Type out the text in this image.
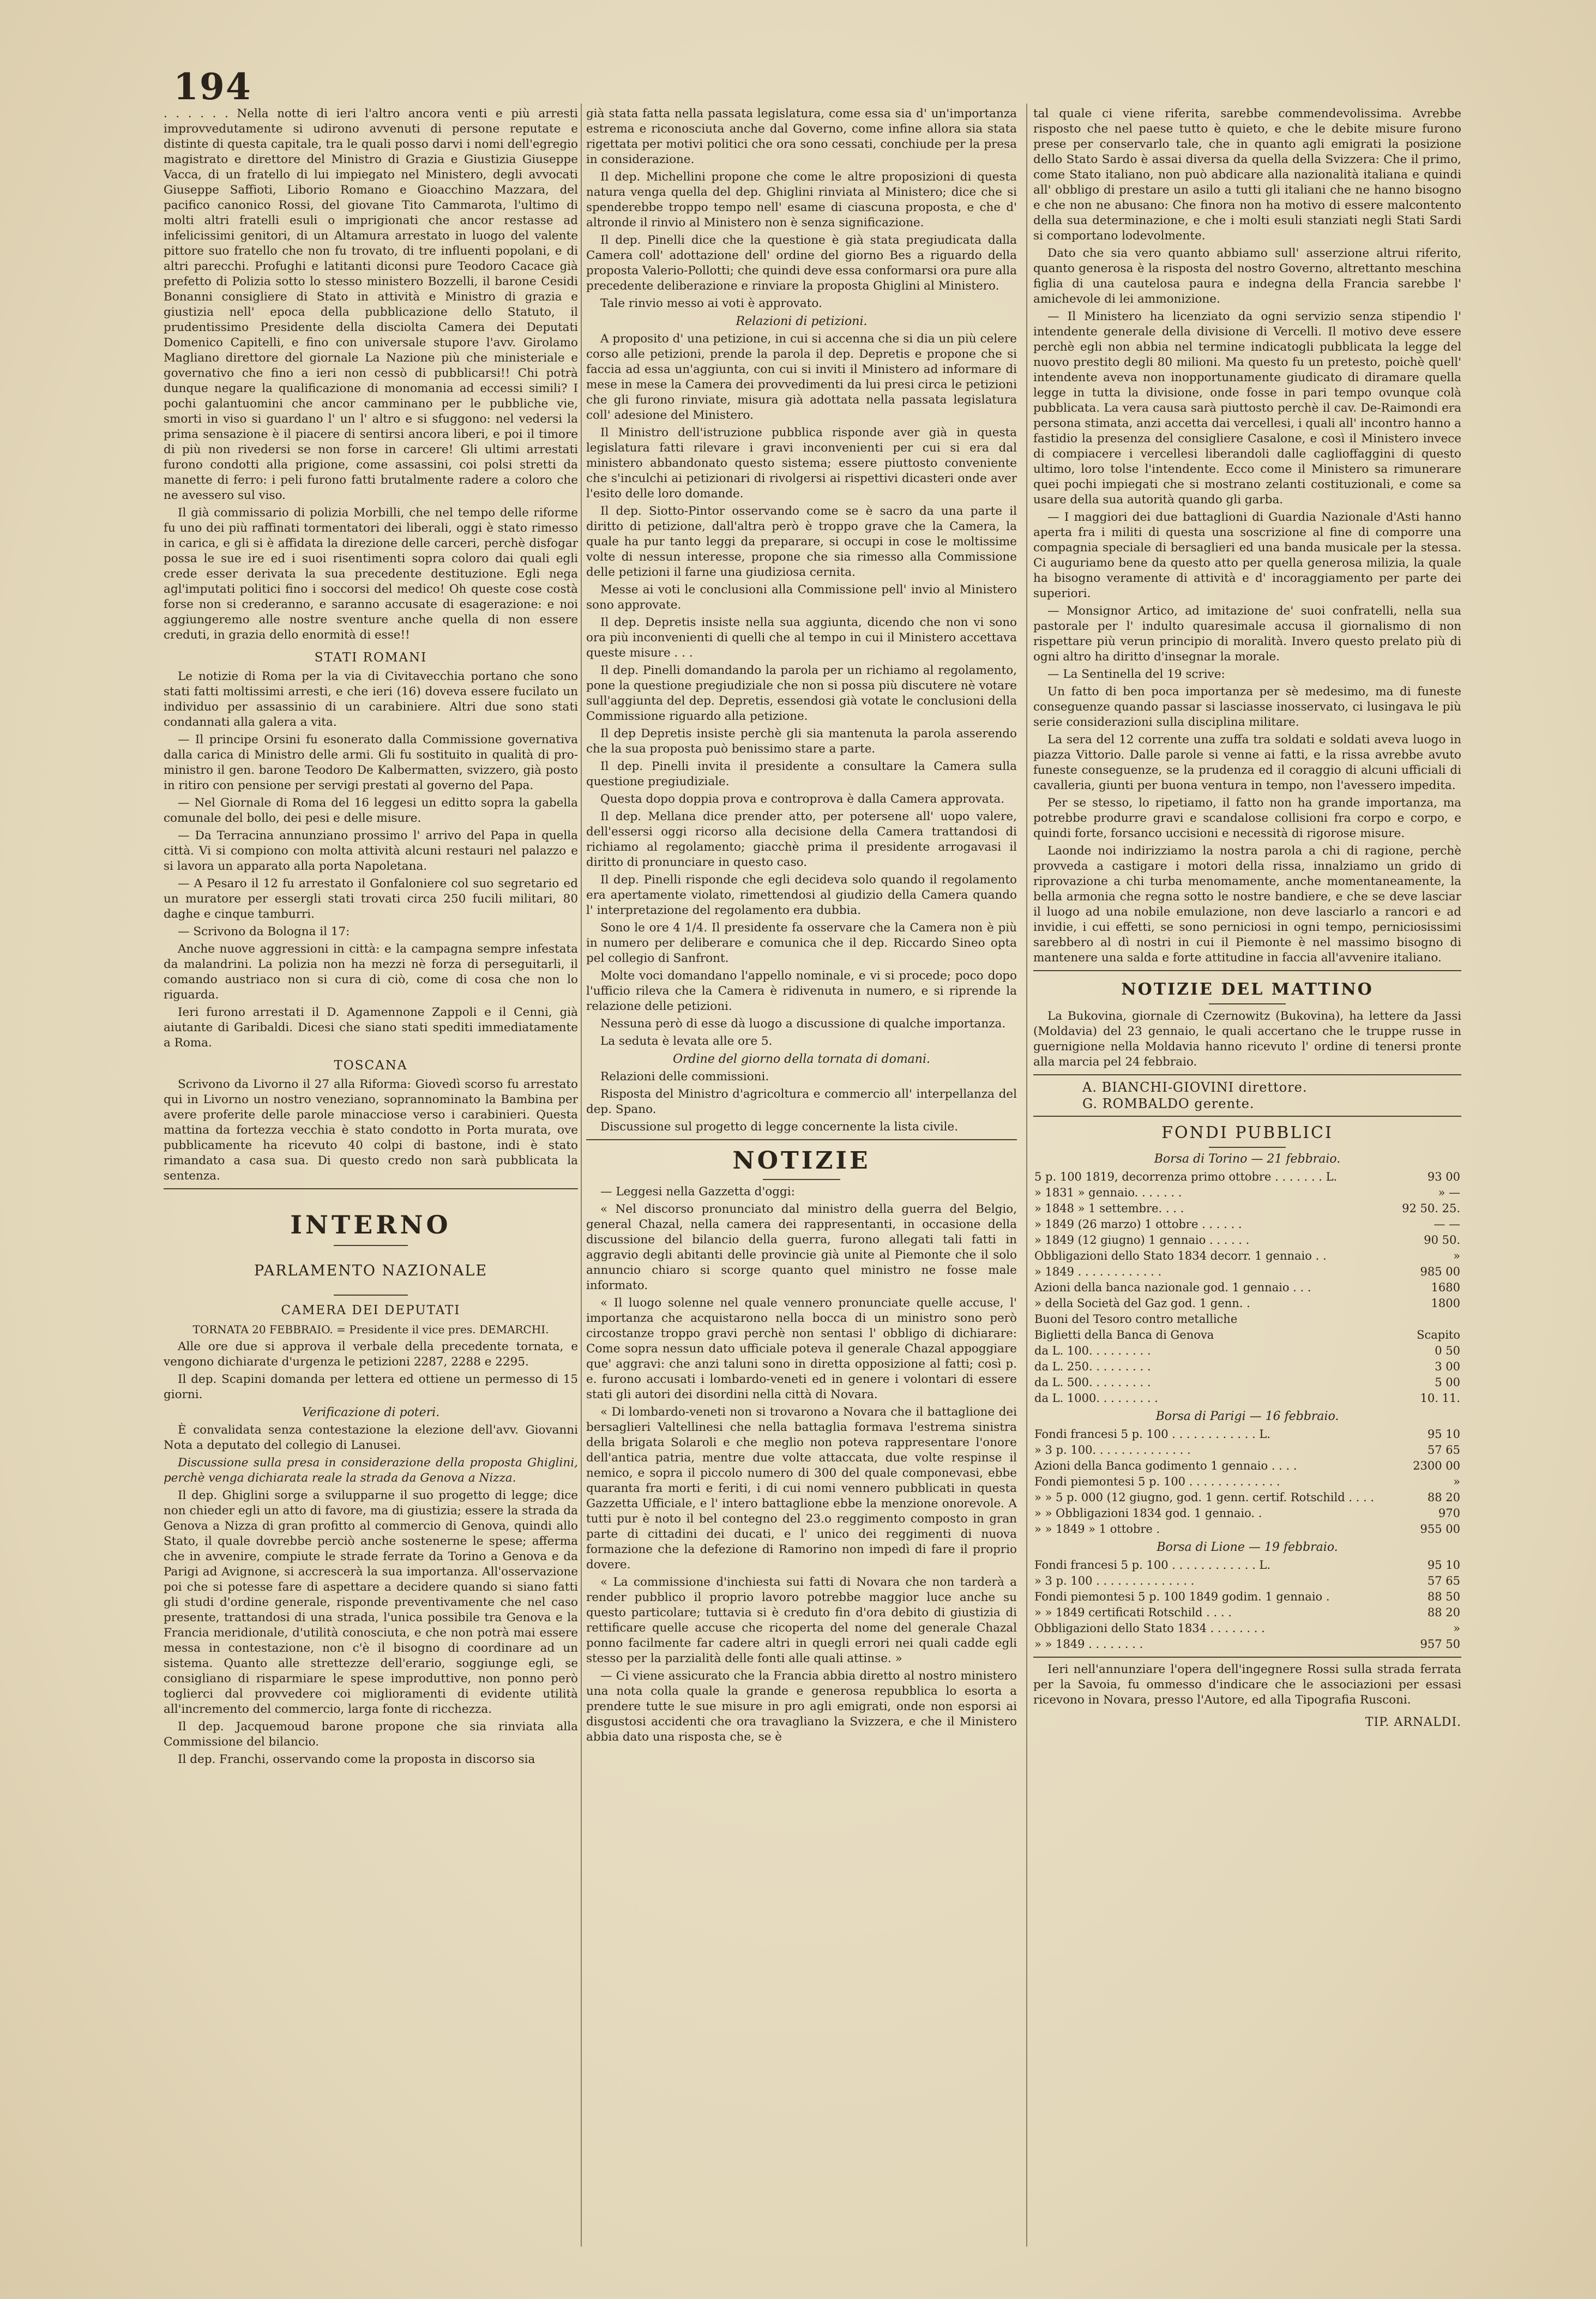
194

. . . . . . Nella notte di ieri l'altro ancora venti e più arresti improvvedutamente si udirono avvenuti di persone reputate e distinte di questa capitale, tra le quali posso darvi i nomi dell'egregio magistrato e direttore del Ministro di Grazia e Giustizia Giuseppe Vacca, di un fratello di lui impiegato nel Ministero, degli avvocati Giuseppe Saffioti, Liborio Romano e Gioacchino Mazzara, del pacifico canonico Rossi, del giovane Tito Cammarota, l'ultimo di molti altri fratelli esuli o imprigionati che ancor restasse ad infelicissimi genitori, di un Altamura arrestato in luogo del valente pittore suo fratello che non fu trovato, di tre influenti popolani, e di altri parecchi. Profughi e latitanti diconsi pure Teodoro Cacace già prefetto di Polizia sotto lo stesso ministero Bozzelli, il barone Cesidi Bonanni consigliere di Stato in attività e Ministro di grazia e giustizia nell' epoca della pubblicazione dello Statuto, il prudentissimo Presidente della disciolta Camera dei Deputati Domenico Capitelli, e fino con universale stupore l'avv. Girolamo Magliano direttore del giornale La Nazione più che ministeriale e governativo che fino a ieri non cessò di pubblicarsi!! Chi potrà dunque negare la qualificazione di monomania ad eccessi simili? I pochi galantuomini che ancor camminano per le pubbliche vie, smorti in viso si guardano l' un l' altro e si sfuggono: nel vedersi la prima sensazione è il piacere di sentirsi ancora liberi, e poi il timore di più non rivedersi se non forse in carcere! Gli ultimi arrestati furono condotti alla prigione, come assassini, coi polsi stretti da manette di ferro: i peli furono fatti brutalmente radere a coloro che ne avessero sul viso.

Il già commissario di polizia Morbilli, che nel tempo delle riforme fu uno dei più raffinati tormentatori dei liberali, oggi è stato rimesso in carica, e gli si è affidata la direzione delle carceri, perchè disfogar possa le sue ire ed i suoi risentimenti sopra coloro dai quali egli crede esser derivata la sua precedente destituzione. Egli nega agl'imputati politici fino i soccorsi del medico! Oh queste cose costà forse non si crederanno, e saranno accusate di esagerazione: e noi aggiungeremo alle nostre sventure anche quella di non essere creduti, in grazia dello enormità di esse!!

STATI ROMANI

Le notizie di Roma per la via di Civitavecchia portano che sono stati fatti moltissimi arresti, e che ieri (16) doveva essere fucilato un individuo per assassinio di un carabiniere. Altri due sono stati condannati alla galera a vita.

— Il principe Orsini fu esonerato dalla Commissione governativa dalla carica di Ministro delle armi. Gli fu sostituito in qualità di pro-ministro il gen. barone Teodoro De Kalbermatten, svizzero, già posto in ritiro con pensione per servigi prestati al governo del Papa.

— Nel Giornale di Roma del 16 leggesi un editto sopra la gabella comunale del bollo, dei pesi e delle misure.

— Da Terracina annunziano prossimo l' arrivo del Papa in quella città. Vi si compiono con molta attività alcuni restauri nel palazzo e si lavora un apparato alla porta Napoletana.

— A Pesaro il 12 fu arrestato il Gonfaloniere col suo segretario ed un muratore per essergli stati trovati circa 250 fucili militari, 80 daghe e cinque tamburri.

— Scrivono da Bologna il 17:

Anche nuove aggressioni in città: e la campagna sempre infestata da malandrini. La polizia non ha mezzi nè forza di perseguitarli, il comando austriaco non si cura di ciò, come di cosa che non lo riguarda.

Ieri furono arrestati il D. Agamennone Zappoli e il Cenni, già aiutante di Garibaldi. Dicesi che siano stati spediti immediatamente a Roma.

TOSCANA

Scrivono da Livorno il 27 alla Riforma: Giovedì scorso fu arrestato qui in Livorno un nostro veneziano, soprannominato la Bambina per avere proferite delle parole minacciose verso i carabinieri. Questa mattina da fortezza vecchia è stato condotto in Porta murata, ove pubblicamente ha ricevuto 40 colpi di bastone, indi è stato rimandato a casa sua. Di questo credo non sarà pubblicata la sentenza.

INTERNO
PARLAMENTO NAZIONALE
CAMERA DEI DEPUTATI

TORNATA 20 FEBBRAIO. = Presidente il vice pres. DEMARCHI.

Alle ore due si approva il verbale della precedente tornata, e vengono dichiarate d'urgenza le petizioni 2287, 2288 e 2295.

Il dep. Scapini domanda per lettera ed ottiene un permesso di 15 giorni.

Verificazione di poteri.

È convalidata senza contestazione la elezione dell'avv. Giovanni Nota a deputato del collegio di Lanusei.

Discussione sulla presa in considerazione della proposta Ghiglini, perchè venga dichiarata reale la strada da Genova a Nizza.

Il dep. Ghiglini sorge a svilupparne il suo progetto di legge; dice non chieder egli un atto di favore, ma di giustizia; essere la strada da Genova a Nizza di gran profitto al commercio di Genova, quindi allo Stato, il quale dovrebbe perciò anche sostenerne le spese; afferma che in avvenire, compiute le strade ferrate da Torino a Genova e da Parigi ad Avignone, si accrescerà la sua importanza. All'osservazione poi che si potesse fare di aspettare a decidere quando si siano fatti gli studi d'ordine generale, risponde preventivamente che nel caso presente, trattandosi di una strada, l'unica possibile tra Genova e la Francia meridionale, d'utilità conosciuta, e che non potrà mai essere messa in contestazione, non c'è il bisogno di coordinare ad un sistema. Quanto alle strettezze dell'erario, soggiunge egli, se consigliano di risparmiare le spese improduttive, non ponno però toglierci dal provvedere coi miglioramenti di evidente utilità all'incremento del commercio, larga fonte di ricchezza.

Il dep. Jacquemoud barone propone che sia rinviata alla Commissione del bilancio.

Il dep. Franchi, osservando come la proposta in discorso sia

già stata fatta nella passata legislatura, come essa sia d' un'importanza estrema e riconosciuta anche dal Governo, come infine allora sia stata rigettata per motivi politici che ora sono cessati, conchiude per la presa in considerazione.

Il dep. Michellini propone che come le altre proposizioni di questa natura venga quella del dep. Ghiglini rinviata al Ministero; dice che si spenderebbe troppo tempo nell' esame di ciascuna proposta, e che d' altronde il rinvio al Ministero non è senza significazione.

Il dep. Pinelli dice che la questione è già stata pregiudicata dalla Camera coll' adottazione dell' ordine del giorno Bes a riguardo della proposta Valerio-Pollotti; che quindi deve essa conformarsi ora pure alla precedente deliberazione e rinviare la proposta Ghiglini al Ministero.

Tale rinvio messo ai voti è approvato.

Relazioni di petizioni.

A proposito d' una petizione, in cui si accenna che si dia un più celere corso alle petizioni, prende la parola il dep. Depretis e propone che si faccia ad essa un'aggiunta, con cui si inviti il Ministero ad informare di mese in mese la Camera dei provvedimenti da lui presi circa le petizioni che gli furono rinviate, misura già adottata nella passata legislatura coll' adesione del Ministero.

Il Ministro dell'istruzione pubblica risponde aver già in questa legislatura fatti rilevare i gravi inconvenienti per cui si era dal ministero abbandonato questo sistema; essere piuttosto conveniente che s'inculchi ai petizionari di rivolgersi ai rispettivi dicasteri onde aver l'esito delle loro domande.

Il dep. Siotto-Pintor osservando come se è sacro da una parte il diritto di petizione, dall'altra però è troppo grave che la Camera, la quale ha pur tanto leggi da preparare, si occupi in cose le moltissime volte di nessun interesse, propone che sia rimesso alla Commissione delle petizioni il farne una giudiziosa cernita.

Messe ai voti le conclusioni alla Commissione pell' invio al Ministero sono approvate.

Il dep. Depretis insiste nella sua aggiunta, dicendo che non vi sono ora più inconvenienti di quelli che al tempo in cui il Ministero accettava queste misure . . .

Il dep. Pinelli domandando la parola per un richiamo al regolamento, pone la questione pregiudiziale che non si possa più discutere nè votare sull'aggiunta del dep. Depretis, essendosi già votate le conclusioni della Commissione riguardo alla petizione.

Il dep Depretis insiste perchè gli sia mantenuta la parola asserendo che la sua proposta può benissimo stare a parte.

Il dep. Pinelli invita il presidente a consultare la Camera sulla questione pregiudiziale.

Questa dopo doppia prova e controprova è dalla Camera approvata.

Il dep. Mellana dice prender atto, per potersene all' uopo valere, dell'essersi oggi ricorso alla decisione della Camera trattandosi di richiamo al regolamento; giacchè prima il presidente arrogavasi il diritto di pronunciare in questo caso.

Il dep. Pinelli risponde che egli decideva solo quando il regolamento era apertamente violato, rimettendosi al giudizio della Camera quando l' interpretazione del regolamento era dubbia.

Sono le ore 4 1/4. Il presidente fa osservare che la Camera non è più in numero per deliberare e comunica che il dep. Riccardo Sineo opta pel collegio di Sanfront.

Molte voci domandano l'appello nominale, e vi si procede; poco dopo l'ufficio rileva che la Camera è ridivenuta in numero, e si riprende la relazione delle petizioni.

Nessuna però di esse dà luogo a discussione di qualche importanza.

La seduta è levata alle ore 5.

Ordine del giorno della tornata di domani.

Relazioni delle commissioni.

Risposta del Ministro d'agricoltura e commercio all' interpellanza del dep. Spano.

Discussione sul progetto di legge concernente la lista civile.

NOTIZIE

— Leggesi nella Gazzetta d'oggi:

« Nel discorso pronunciato dal ministro della guerra del Belgio, general Chazal, nella camera dei rappresentanti, in occasione della discussione del bilancio della guerra, furono allegati tali fatti in aggravio degli abitanti delle provincie già unite al Piemonte che il solo annuncio chiaro si scorge quanto quel ministro ne fosse male informato.

« Il luogo solenne nel quale vennero pronunciate quelle accuse, l' importanza che acquistarono nella bocca di un ministro sono però circostanze troppo gravi perchè non sentasi l' obbligo di dichiarare: Come sopra nessun dato ufficiale poteva il generale Chazal appoggiare que' aggravi: che anzi taluni sono in diretta opposizione al fatti; così p. e. furono accusati i lombardo-veneti ed in genere i volontari di essere stati gli autori dei disordini nella città di Novara.

« Di lombardo-veneti non si trovarono a Novara che il battaglione dei bersaglieri Valtellinesi che nella battaglia formava l'estrema sinistra della brigata Solaroli e che meglio non poteva rappresentare l'onore dell'antica patria, mentre due volte attaccata, due volte respinse il nemico, e sopra il piccolo numero di 300 del quale componevasi, ebbe quaranta fra morti e feriti, i di cui nomi vennero pubblicati in questa Gazzetta Ufficiale, e l' intero battaglione ebbe la menzione onorevole. A tutti pur è noto il bel contegno del 23.o reggimento composto in gran parte di cittadini dei ducati, e l' unico dei reggimenti di nuova formazione che la defezione di Ramorino non impedì di fare il proprio dovere.

« La commissione d'inchiesta sui fatti di Novara che non tarderà a render pubblico il proprio lavoro potrebbe maggior luce anche su questo particolare; tuttavia si è creduto fin d'ora debito di giustizia di rettificare quelle accuse che ricoperta del nome del generale Chazal ponno facilmente far cadere altri in quegli errori nei quali cadde egli stesso per la parzialità delle fonti alle quali attinse. »

— Ci viene assicurato che la Francia abbia diretto al nostro ministero una nota colla quale la grande e generosa repubblica lo esorta a prendere tutte le sue misure in pro agli emigrati, onde non esporsi ai disgustosi accidenti che ora travagliano la Svizzera, e che il Ministero abbia dato una risposta che, se è

tal quale ci viene riferita, sarebbe commendevolissima. Avrebbe risposto che nel paese tutto è quieto, e che le debite misure furono prese per conservarlo tale, che in quanto agli emigrati la posizione dello Stato Sardo è assai diversa da quella della Svizzera: Che il primo, come Stato italiano, non può abdicare alla nazionalità italiana e quindi all' obbligo di prestare un asilo a tutti gli italiani che ne hanno bisogno e che non ne abusano: Che finora non ha motivo di essere malcontento della sua determinazione, e che i molti esuli stanziati negli Stati Sardi si comportano lodevolmente.

Dato che sia vero quanto abbiamo sull' asserzione altrui riferito, quanto generosa è la risposta del nostro Governo, altrettanto meschina figlia di una cautelosa paura e indegna della Francia sarebbe l' amichevole di lei ammonizione.

— Il Ministero ha licenziato da ogni servizio senza stipendio l' intendente generale della divisione di Vercelli. Il motivo deve essere perchè egli non abbia nel termine indicatogli pubblicata la legge del nuovo prestito degli 80 milioni. Ma questo fu un pretesto, poichè quell' intendente aveva non inopportunamente giudicato di diramare quella legge in tutta la divisione, onde fosse in pari tempo ovunque colà pubblicata. La vera causa sarà piuttosto perchè il cav. De-Raimondi era persona stimata, anzi accetta dai vercellesi, i quali all' incontro hanno a fastidio la presenza del consigliere Casalone, e così il Ministero invece di compiacere i vercellesi liberandoli dalle caglioffaggini di questo ultimo, loro tolse l'intendente. Ecco come il Ministero sa rimunerare quei pochi impiegati che si mostrano zelanti costituzionali, e come sa usare della sua autorità quando gli garba.

— I maggiori dei due battaglioni di Guardia Nazionale d'Asti hanno aperta fra i militi di questa una soscrizione al fine di comporre una compagnia speciale di bersaglieri ed una banda musicale per la stessa. Ci auguriamo bene da questo atto per quella generosa milizia, la quale ha bisogno veramente di attività e d' incoraggiamento per parte dei superiori.

— Monsignor Artico, ad imitazione de' suoi confratelli, nella sua pastorale per l' indulto quaresimale accusa il giornalismo di non rispettare più verun principio di moralità. Invero questo prelato più di ogni altro ha diritto d'insegnar la morale.

— La Sentinella del 19 scrive:

Un fatto di ben poca importanza per sè medesimo, ma di funeste conseguenze quando passar si lasciasse inosservato, ci lusingava le più serie considerazioni sulla disciplina militare.

La sera del 12 corrente una zuffa tra soldati e soldati aveva luogo in piazza Vittorio. Dalle parole si venne ai fatti, e la rissa avrebbe avuto funeste conseguenze, se la prudenza ed il coraggio di alcuni ufficiali di cavalleria, giunti per buona ventura in tempo, non l'avessero impedita.

Per se stesso, lo ripetiamo, il fatto non ha grande importanza, ma potrebbe produrre gravi e scandalose collisioni fra corpo e corpo, e quindi forte, forsanco uccisioni e necessità di rigorose misure.

Laonde noi indirizziamo la nostra parola a chi di ragione, perchè provveda a castigare i motori della rissa, innalziamo un grido di riprovazione a chi turba menomamente, anche momentaneamente, la bella armonia che regna sotto le nostre bandiere, e che se deve lasciar il luogo ad una nobile emulazione, non deve lasciarlo a rancori e ad invidie, i cui effetti, se sono perniciosi in ogni tempo, perniciosissimi sarebbero al dì nostri in cui il Piemonte è nel massimo bisogno di mantenere una salda e forte attitudine in faccia all'avvenire italiano.

NOTIZIE DEL MATTINO

La Bukovina, giornale di Czernowitz (Bukovina), ha lettere da Jassi (Moldavia) del 23 gennaio, le quali accertano che le truppe russe in guernigione nella Moldavia hanno ricevuto l' ordine di tenersi pronte alla marcia pel 24 febbraio.

A. BIANCHI-GIOVINI direttore.
G. ROMBALDO gerente.
FONDI PUBBLICI
Borsa di Torino — 21 febbraio.
5 p. 100 1819, decorrenza primo ottobre . . . . . . . L.	93 00
» 1831 » gennaio. . . . . . .	» —
» 1848 » 1 settembre. . . .	92 50. 25.
» 1849 (26 marzo) 1 ottobre . . . . . .	— —
» 1849 (12 giugno) 1 gennaio . . . . . .	90 50.
Obbligazioni dello Stato 1834 decorr. 1 gennaio . .	»
» 1849 . . . . . . . . . . . .	985 00
Azioni della banca nazionale god. 1 gennaio . . .	1680
» della Società del Gaz god. 1 genn. .	1800
Buoni del Tesoro contro metalliche	
Biglietti della Banca di Genova	Scapito
da L. 100. . . . . . . . .	0 50
da L. 250. . . . . . . . .	3 00
da L. 500. . . . . . . . .	5 00
da L. 1000. . . . . . . . .	10. 11.
Borsa di Parigi — 16 febbraio.
Fondi francesi 5 p. 100 . . . . . . . . . . . . L.	95 10
» 3 p. 100. . . . . . . . . . . . . .	57 65
Azioni della Banca godimento 1 gennaio . . . .	2300 00
Fondi piemontesi 5 p. 100 . . . . . . . . . . . . .	»
» » 5 p. 000 (12 giugno, god. 1 genn. certif. Rotschild . . . .	88 20
» » Obbligazioni 1834 god. 1 gennaio. .	970
» » 1849 » 1 ottobre .	955 00
Borsa di Lione — 19 febbraio.
Fondi francesi 5 p. 100 . . . . . . . . . . . . L.	95 10
» 3 p. 100 . . . . . . . . . . . . . .	57 65
Fondi piemontesi 5 p. 100 1849 godim. 1 gennaio .	88 50
» » 1849 certificati Rotschild . . . .	88 20
Obbligazioni dello Stato 1834 . . . . . . . .	»
» » 1849 . . . . . . . .	957 50

Ieri nell'annunziare l'opera dell'ingegnere Rossi sulla strada ferrata per la Savoia, fu ommesso d'indicare che le associazioni per essasi ricevono in Novara, presso l'Autore, ed alla Tipografia Rusconi.

TIP. ARNALDI.
